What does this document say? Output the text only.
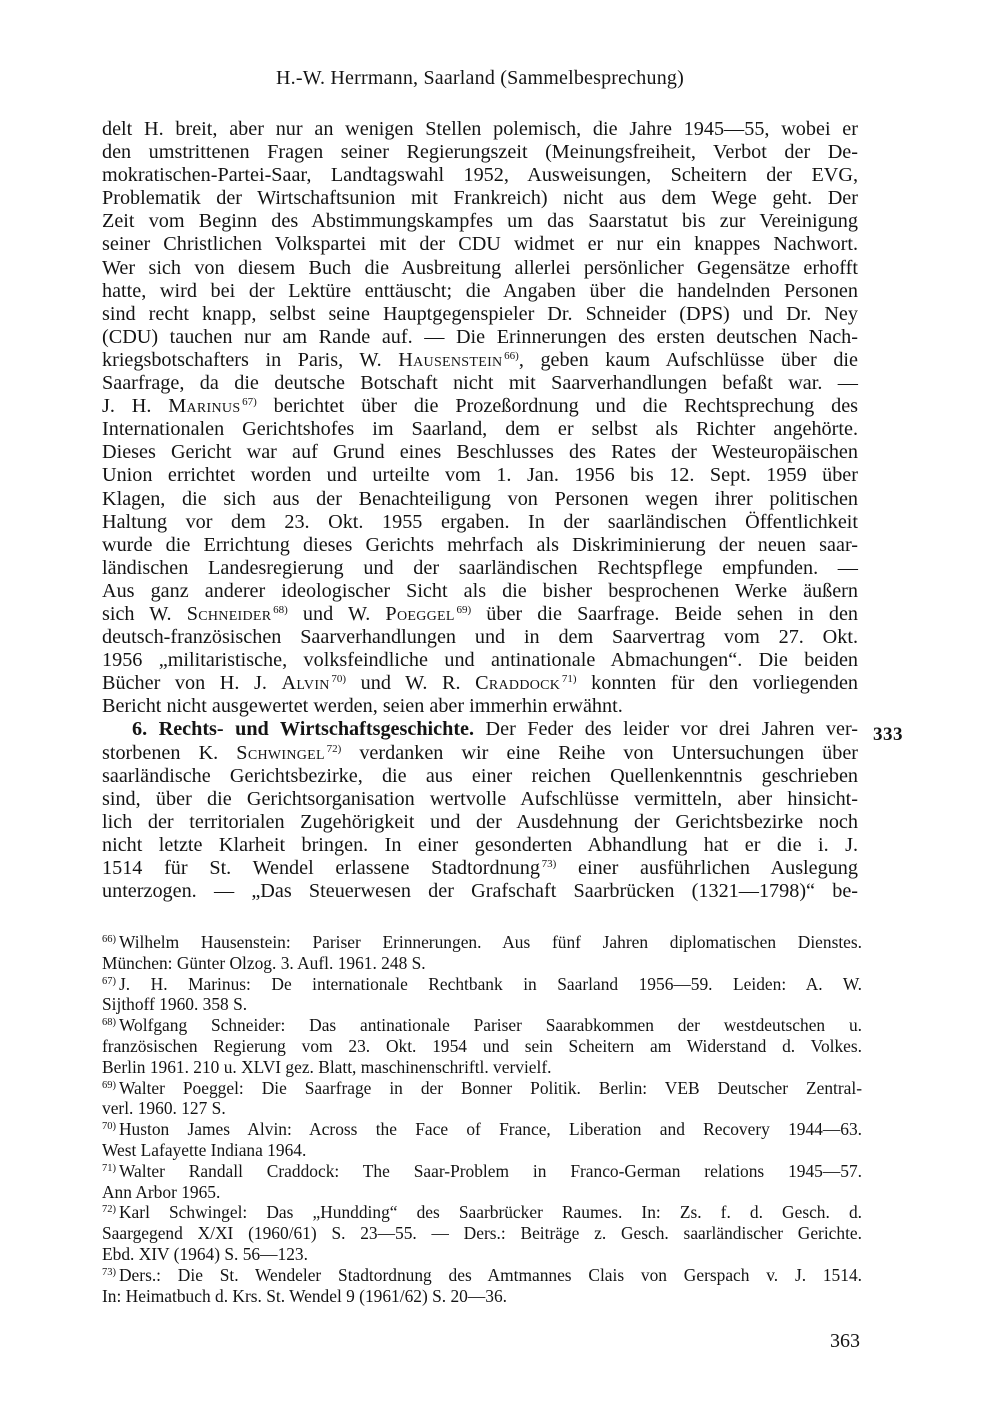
H.-W. Herrmann, Saarland (Sammelbesprechung)
delt H. breit, aber nur an wenigen Stellen polemisch, die Jahre 1945—55, wobei er
den umstrittenen Fragen seiner Regierungszeit (Meinungsfreiheit, Verbot der De-
mokratischen-Partei-Saar, Landtagswahl 1952, Ausweisungen, Scheitern der EVG,
Problematik der Wirtschaftsunion mit Frankreich) nicht aus dem Wege geht. Der
Zeit vom Beginn des Abstimmungskampfes um das Saarstatut bis zur Vereinigung
seiner Christlichen Volkspartei mit der CDU widmet er nur ein knappes Nachwort.
Wer sich von diesem Buch die Ausbreitung allerlei persönlicher Gegensätze erhofft
hatte, wird bei der Lektüre enttäuscht; die Angaben über die handelnden Personen
sind recht knapp, selbst seine Hauptgegenspieler Dr. Schneider (DPS) und Dr. Ney
(CDU) tauchen nur am Rande auf. — Die Erinnerungen des ersten deutschen Nach-
kriegsbotschafters in Paris, W. Hausenstein  $^{66)}$, geben kaum Aufschlüsse über die
Saarfrage, da die deutsche Botschaft nicht mit Saarverhandlungen befaßt war. —
J. H. Marinus  $^{67)}$ berichtet über die Prozeßordnung und die Rechtsprechung des
Internationalen Gerichtshofes im Saarland, dem er selbst als Richter angehörte.
Dieses Gericht war auf Grund eines Beschlusses des Rates der Westeuropäischen
Union errichtet worden und urteilte vom 1. Jan. 1956 bis 12. Sept. 1959 über
Klagen, die sich aus der Benachteiligung von Personen wegen ihrer politischen
Haltung vor dem 23. Okt. 1955 ergaben. In der saarländischen Öffentlichkeit
wurde die Errichtung dieses Gerichts mehrfach als Diskriminierung der neuen saar-
ländischen Landesregierung und der saarländischen Rechtspflege empfunden. —
Aus ganz anderer ideologischer Sicht als die bisher besprochenen Werke äußern
sich W. Schneider  $^{68)}$ und W. Poeggel  $^{69)}$ über die Saarfrage. Beide sehen in den
deutsch-französischen Saarverhandlungen und in dem Saarvertrag vom 27. Okt.
1956 „militaristische, volksfeindliche und antinationale Abmachungen“. Die beiden
Bücher von H. J. Alvin  $^{70)}$ und W. R. Craddock  $^{71)}$ konnten für den vorliegenden
Bericht nicht ausgewertet werden, seien aber immerhin erwähnt.
6. Rechts- und Wirtschaftsgeschichte. Der Feder des leider vor drei Jahren ver-
storbenen K. Schwingel  $^{72)}$ verdanken wir eine Reihe von Untersuchungen über
saarländische Gerichtsbezirke, die aus einer reichen Quellenkenntnis geschrieben
sind, über die Gerichtsorganisation wertvolle Aufschlüsse vermitteln, aber hinsicht-
lich der territorialen Zugehörigkeit und der Ausdehnung der Gerichtsbezirke noch
nicht letzte Klarheit bringen. In einer gesonderten Abhandlung hat er die i. J.
1514 für St. Wendel erlassene Stadtordnung  $^{73)}$ einer ausführlichen Auslegung
unterzogen. — „Das Steuerwesen der Grafschaft Saarbrücken (1321—1798)“ be-
333
$^{66)}$ Wilhelm Hausenstein: Pariser Erinnerungen. Aus fünf Jahren diplomatischen Dienstes.
München: Günter Olzog. 3. Aufl. 1961. 248 S.
$^{67)}$ J. H. Marinus: De internationale Rechtbank in Saarland 1956—59. Leiden: A. W.
Sijthoff 1960. 358 S.
$^{68)}$ Wolfgang Schneider: Das antinationale Pariser Saarabkommen der westdeutschen u.
französischen Regierung vom 23. Okt. 1954 und sein Scheitern am Widerstand d. Volkes.
Berlin 1961. 210 u. XLVI gez. Blatt, maschinenschriftl. vervielf.
$^{69)}$ Walter Poeggel: Die Saarfrage in der Bonner Politik. Berlin: VEB Deutscher Zentral-
verl. 1960. 127 S.
$^{70)}$ Huston James Alvin: Across the Face of France, Liberation and Recovery 1944—63.
West Lafayette Indiana 1964.
$^{71)}$ Walter Randall Craddock: The Saar-Problem in Franco-German relations 1945—57.
Ann Arbor 1965.
$^{72)}$ Karl Schwingel: Das „Hundding“ des Saarbrücker Raumes. In: Zs. f. d. Gesch. d.
Saargegend X/XI (1960/61) S. 23—55. — Ders.: Beiträge z. Gesch. saarländischer Gerichte.
Ebd. XIV (1964) S. 56—123.
$^{73)}$ Ders.: Die St. Wendeler Stadtordnung des Amtmannes Clais von Gerspach v. J. 1514.
In: Heimatbuch d. Krs. St. Wendel 9 (1961/62) S. 20—36.
363
